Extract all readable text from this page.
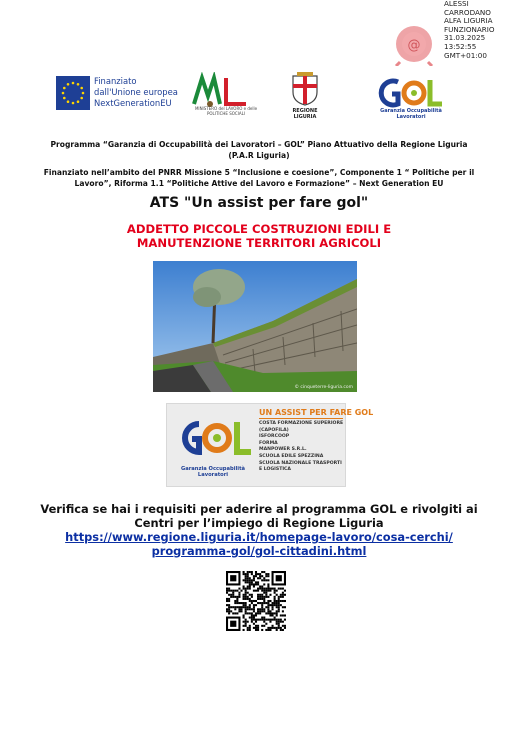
@
ALESSI
CARRODANO
ALFA LIGURIA
FUNZIONARIO
31.03.2025
13:52:55
GMT+01:00
Finanziato
dall'Unione europea
NextGenerationEU
MINISTERO del LAVORO e delle POLITICHE SOCIALI	REGIONE LIGURIA
Garanzia Occupabilità Lavoratori
Programma “Garanzia di Occupabilità dei Lavoratori – GOL” Piano Attuativo della Regione Liguria (P.A.R Liguria)
Finanziato nell’ambito del PNRR Missione 5 “Inclusione e coesione”, Componente 1 “ Politiche per il Lavoro”, Riforma 1.1 “Politiche Attive del Lavoro e Formazione” – Next Generation EU
ATS "Un assist per fare gol"
ADDETTO PICCOLE COSTRUZIONI EDILI E
MANUTENZIONE TERRITORI AGRICOLI
© cinqueterre-liguria.com
Garanzia Occupabilità Lavoratori
UN ASSIST PER FARE GOL
COSTA FORMAZIONE SUPERIORE
(CAPOFILA)
ISFORCOOP
FORMA
MANPOWER S.R.L.
SCUOLA EDILE SPEZZINA
SCUOLA NAZIONALE TRASPORTI
E LOGISTICA
Verifica se hai i requisiti per aderire al programma GOL e rivolgiti ai
Centri per l’impiego di Regione Liguria
https://www.regione.liguria.it/homepage-lavoro/cosa-cerchi/
programma-gol/gol-cittadini.html
